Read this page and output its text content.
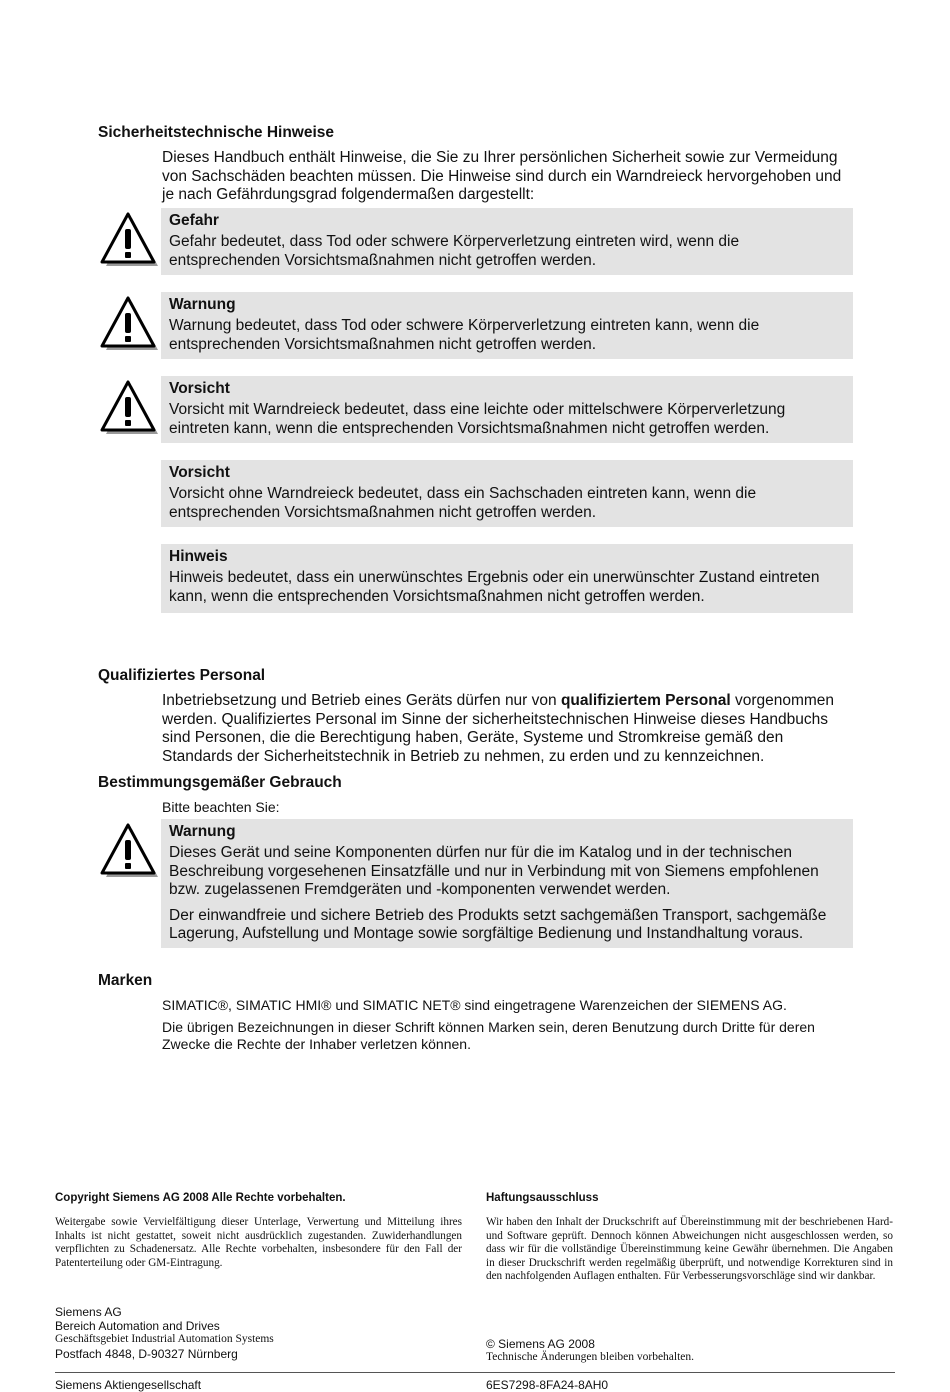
Sicherheitstechnische Hinweise
Dieses Handbuch enthält Hinweise, die Sie zu Ihrer persönlichen Sicherheit sowie zur Vermeidung von Sachschäden beachten müssen. Die Hinweise sind durch ein Warndreieck hervorgehoben und je nach Gefährdungsgrad folgendermaßen dargestellt:
Gefahr
Gefahr bedeutet, dass Tod oder schwere Körperverletzung eintreten wird, wenn die entsprechenden Vorsichtsmaßnahmen nicht getroffen werden.
Warnung
Warnung bedeutet, dass Tod oder schwere Körperverletzung eintreten kann, wenn die entsprechenden Vorsichtsmaßnahmen nicht getroffen werden.
Vorsicht
Vorsicht mit Warndreieck bedeutet, dass eine leichte oder mittelschwere Körperverletzung eintreten kann, wenn die entsprechenden Vorsichtsmaßnahmen nicht getroffen werden.
Vorsicht
Vorsicht ohne Warndreieck bedeutet, dass ein Sachschaden eintreten kann, wenn die entsprechenden Vorsichtsmaßnahmen nicht getroffen werden.
Hinweis
Hinweis bedeutet, dass ein unerwünschtes Ergebnis oder ein unerwünschter Zustand eintreten kann, wenn die entsprechenden Vorsichtsmaßnahmen nicht getroffen werden.
Qualifiziertes Personal
Inbetriebsetzung und Betrieb eines Geräts dürfen nur von qualifiziertem Personal vorgenommen werden. Qualifiziertes Personal im Sinne der sicherheitstechnischen Hinweise dieses Handbuchs sind Personen, die die Berechtigung haben, Geräte, Systeme und Stromkreise gemäß den Standards der Sicherheitstechnik in Betrieb zu nehmen, zu erden und zu kennzeichnen.
Bestimmungsgemäßer Gebrauch
Bitte beachten Sie:
Warnung
Dieses Gerät und seine Komponenten dürfen nur für die im Katalog und in der technischen Beschreibung vorgesehenen Einsatzfälle und nur in Verbindung mit von Siemens empfohlenen bzw. zugelassenen Fremdgeräten und -komponenten verwendet werden.
Der einwandfreie und sichere Betrieb des Produkts setzt sachgemäßen Transport, sachgemäße Lagerung, Aufstellung und Montage sowie sorgfältige Bedienung und Instandhaltung voraus.
Marken
SIMATIC®, SIMATIC HMI® und SIMATIC NET® sind eingetragene Warenzeichen der SIEMENS AG.
Die übrigen Bezeichnungen in dieser Schrift können Marken sein, deren Benutzung durch Dritte für deren Zwecke die Rechte der Inhaber verletzen können.
Copyright Siemens AG 2008 Alle Rechte vorbehalten.
Weitergabe sowie Vervielfältigung dieser Unterlage, Verwertung und Mitteilung ihres Inhalts ist nicht gestattet, soweit nicht ausdrücklich zugestanden. Zuwiderhandlungen verpflichten zu Schadenersatz. Alle Rechte vorbehalten, insbesondere für den Fall der Patenterteilung oder GM-Eintragung.
Haftungsausschluss
Wir haben den Inhalt der Druckschrift auf Übereinstimmung mit der beschriebenen Hard- und Software geprüft. Dennoch können Abweichungen nicht ausgeschlossen werden, so dass wir für die vollständige Übereinstimmung keine Gewähr übernehmen. Die Angaben in dieser Druckschrift werden regelmäßig überprüft, und notwendige Korrekturen sind in den nachfolgenden Auflagen enthalten. Für Verbesserungsvorschläge sind wir dankbar.
Siemens AG
Bereich Automation and Drives
Geschäftsgebiet Industrial Automation Systems
Postfach 4848, D-90327 Nürnberg
© Siemens AG 2008
Technische Änderungen bleiben vorbehalten.
Siemens Aktiengesellschaft	6ES7298-8FA24-8AH0
